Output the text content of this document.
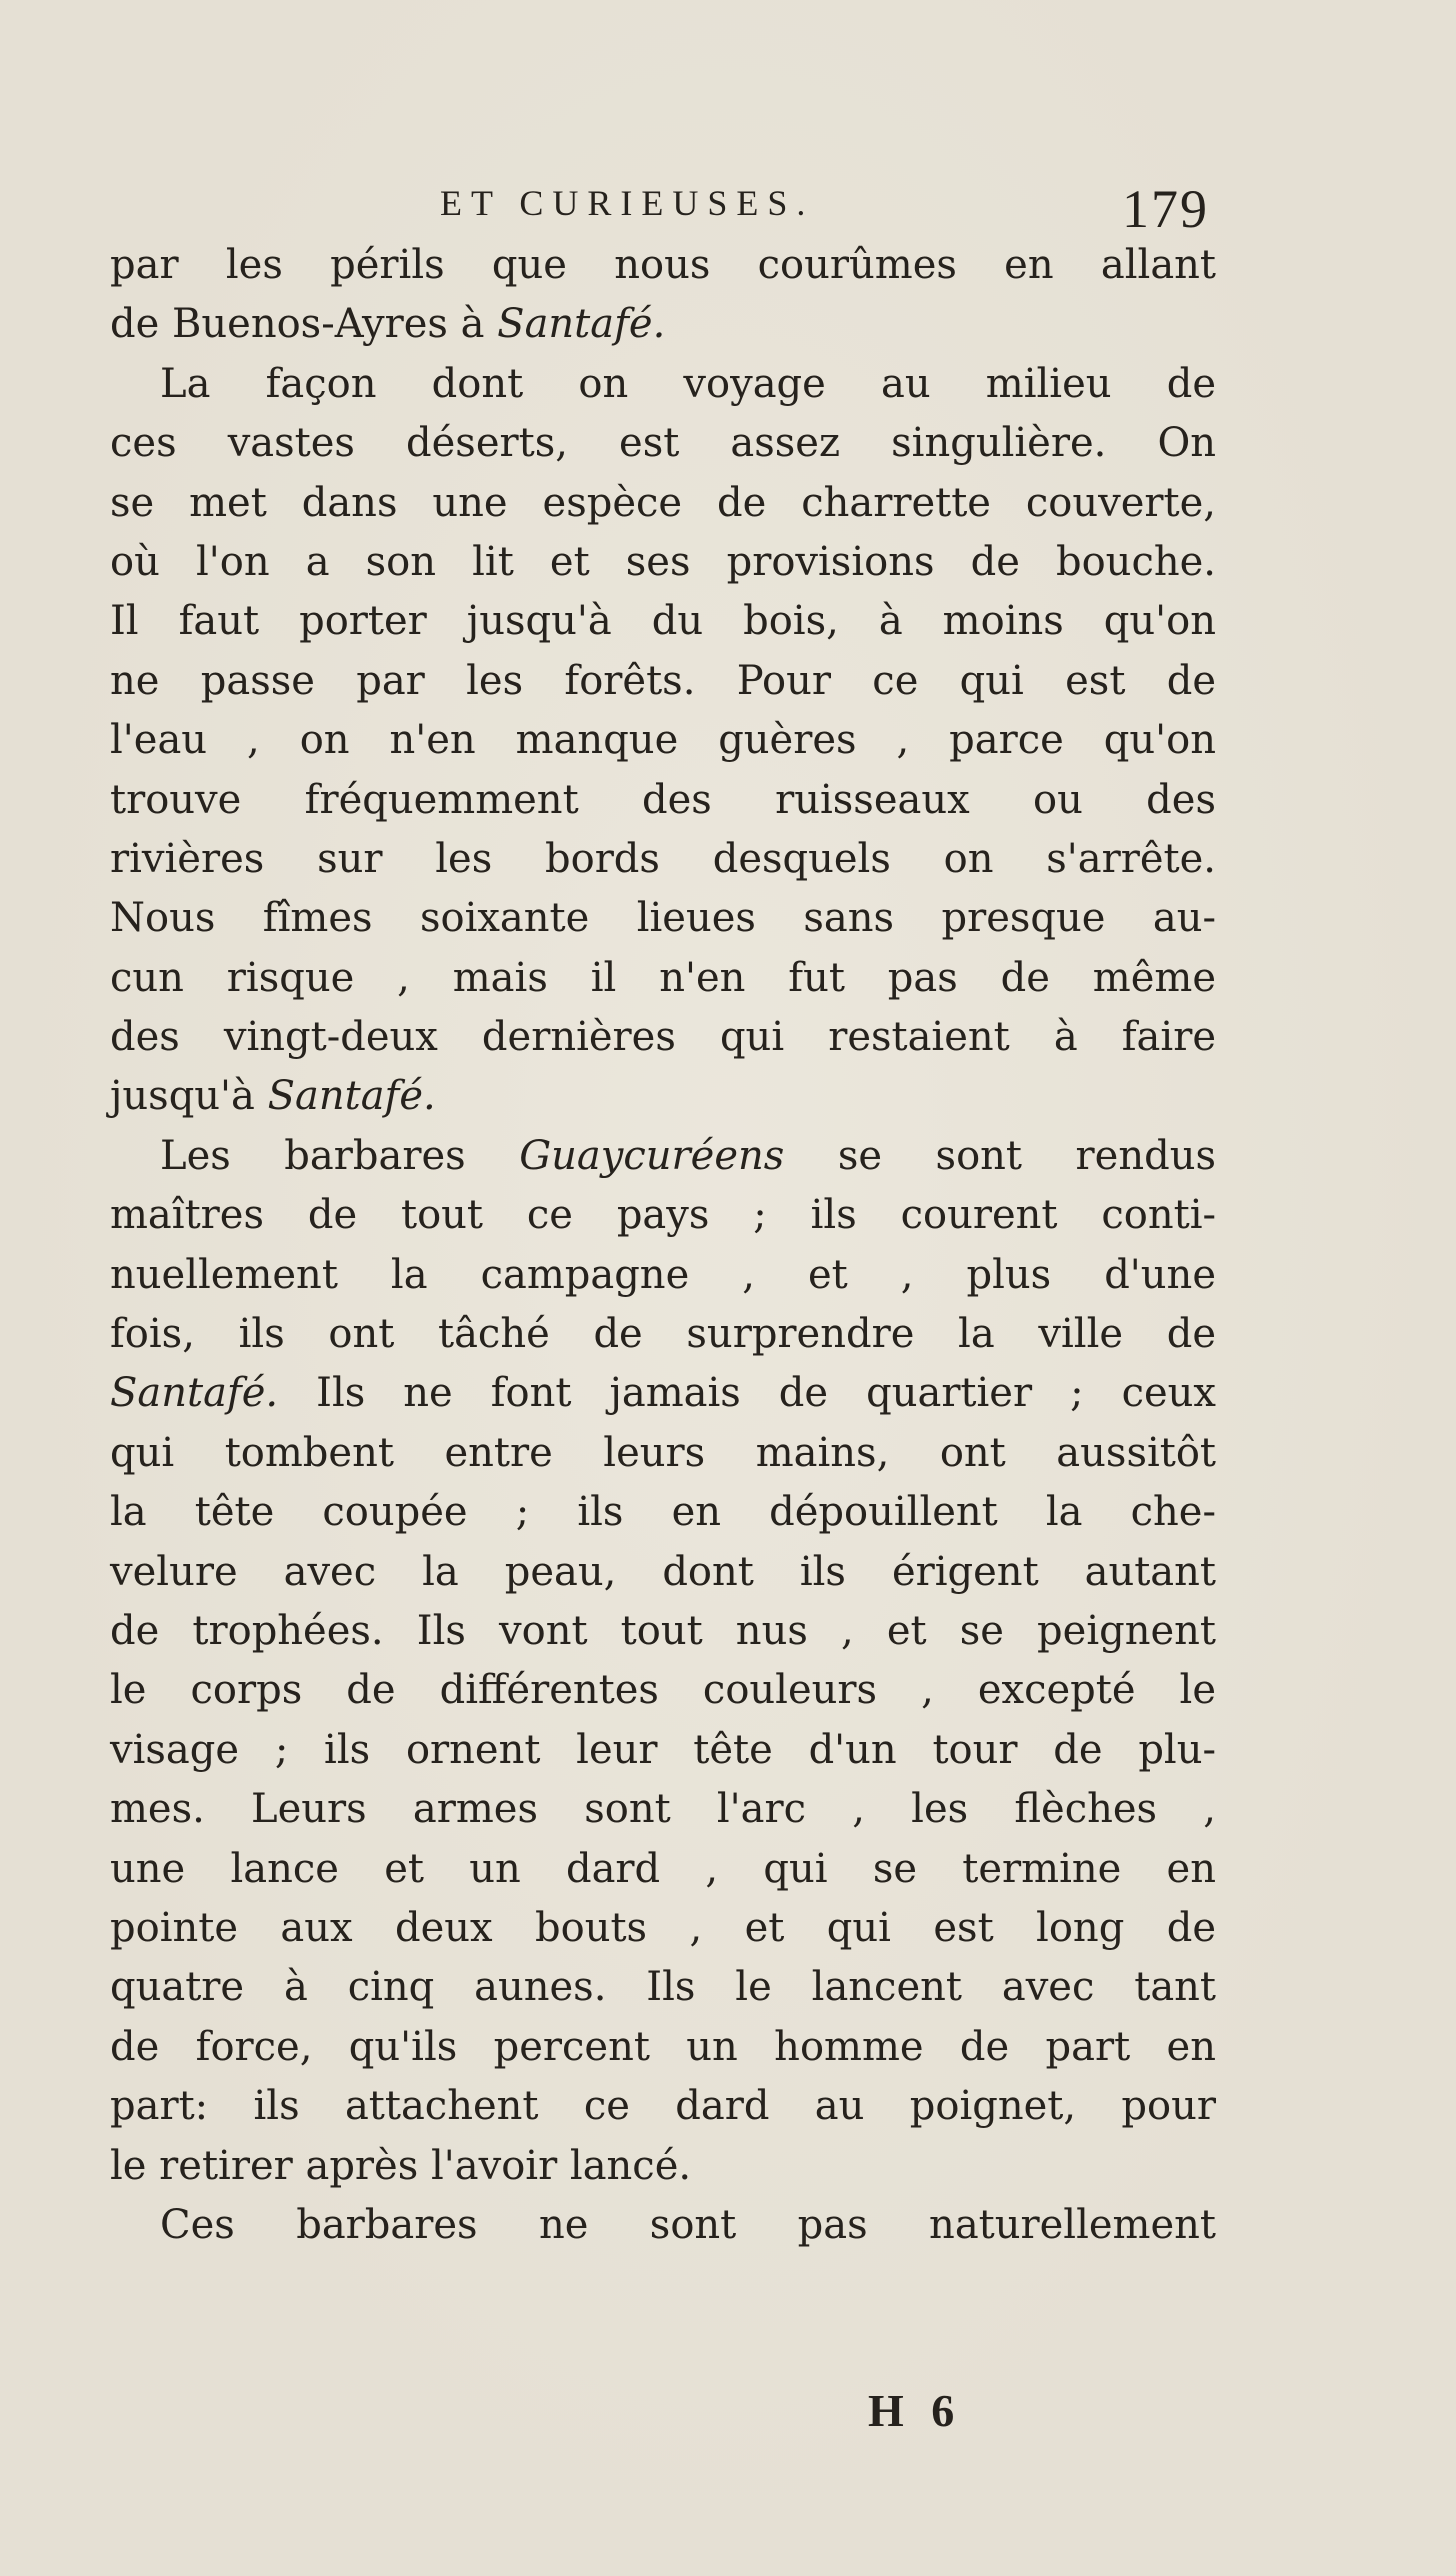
ET CURIEUSES.	179
par les périls que nous courûmes en allant
de Buenos-Ayres à Santafé.
La façon dont on voyage au milieu de
ces vastes déserts, est assez singulière. On
se met dans une espèce de charrette couverte,
où l'on a son lit et ses provisions de bouche.
Il faut porter jusqu'à du bois, à moins qu'on
ne passe par les forêts. Pour ce qui est de
l'eau , on n'en manque guères , parce qu'on
trouve fréquemment des ruisseaux ou des
rivières sur les bords desquels on s'arrête.
Nous fîmes soixante lieues sans presque au-
cun risque , mais il n'en fut pas de même
des vingt-deux dernières qui restaient à faire
jusqu'à Santafé.
Les barbares Guaycuréens se sont rendus
maîtres de tout ce pays ; ils courent conti-
nuellement la campagne , et , plus d'une
fois, ils ont tâché de surprendre la ville de
Santafé. Ils ne font jamais de quartier ; ceux
qui tombent entre leurs mains, ont aussitôt
la tête coupée ; ils en dépouillent la che-
velure avec la peau, dont ils érigent autant
de trophées. Ils vont tout nus , et se peignent
le corps de différentes couleurs , excepté le
visage ; ils ornent leur tête d'un tour de plu-
mes. Leurs armes sont l'arc , les flèches ,
une lance et un dard , qui se termine en
pointe aux deux bouts , et qui est long de
quatre à cinq aunes. Ils le lancent avec tant
de force, qu'ils percent un homme de part en
part: ils attachent ce dard au poignet, pour
le retirer après l'avoir lancé.
Ces barbares ne sont pas naturellement
H 6
